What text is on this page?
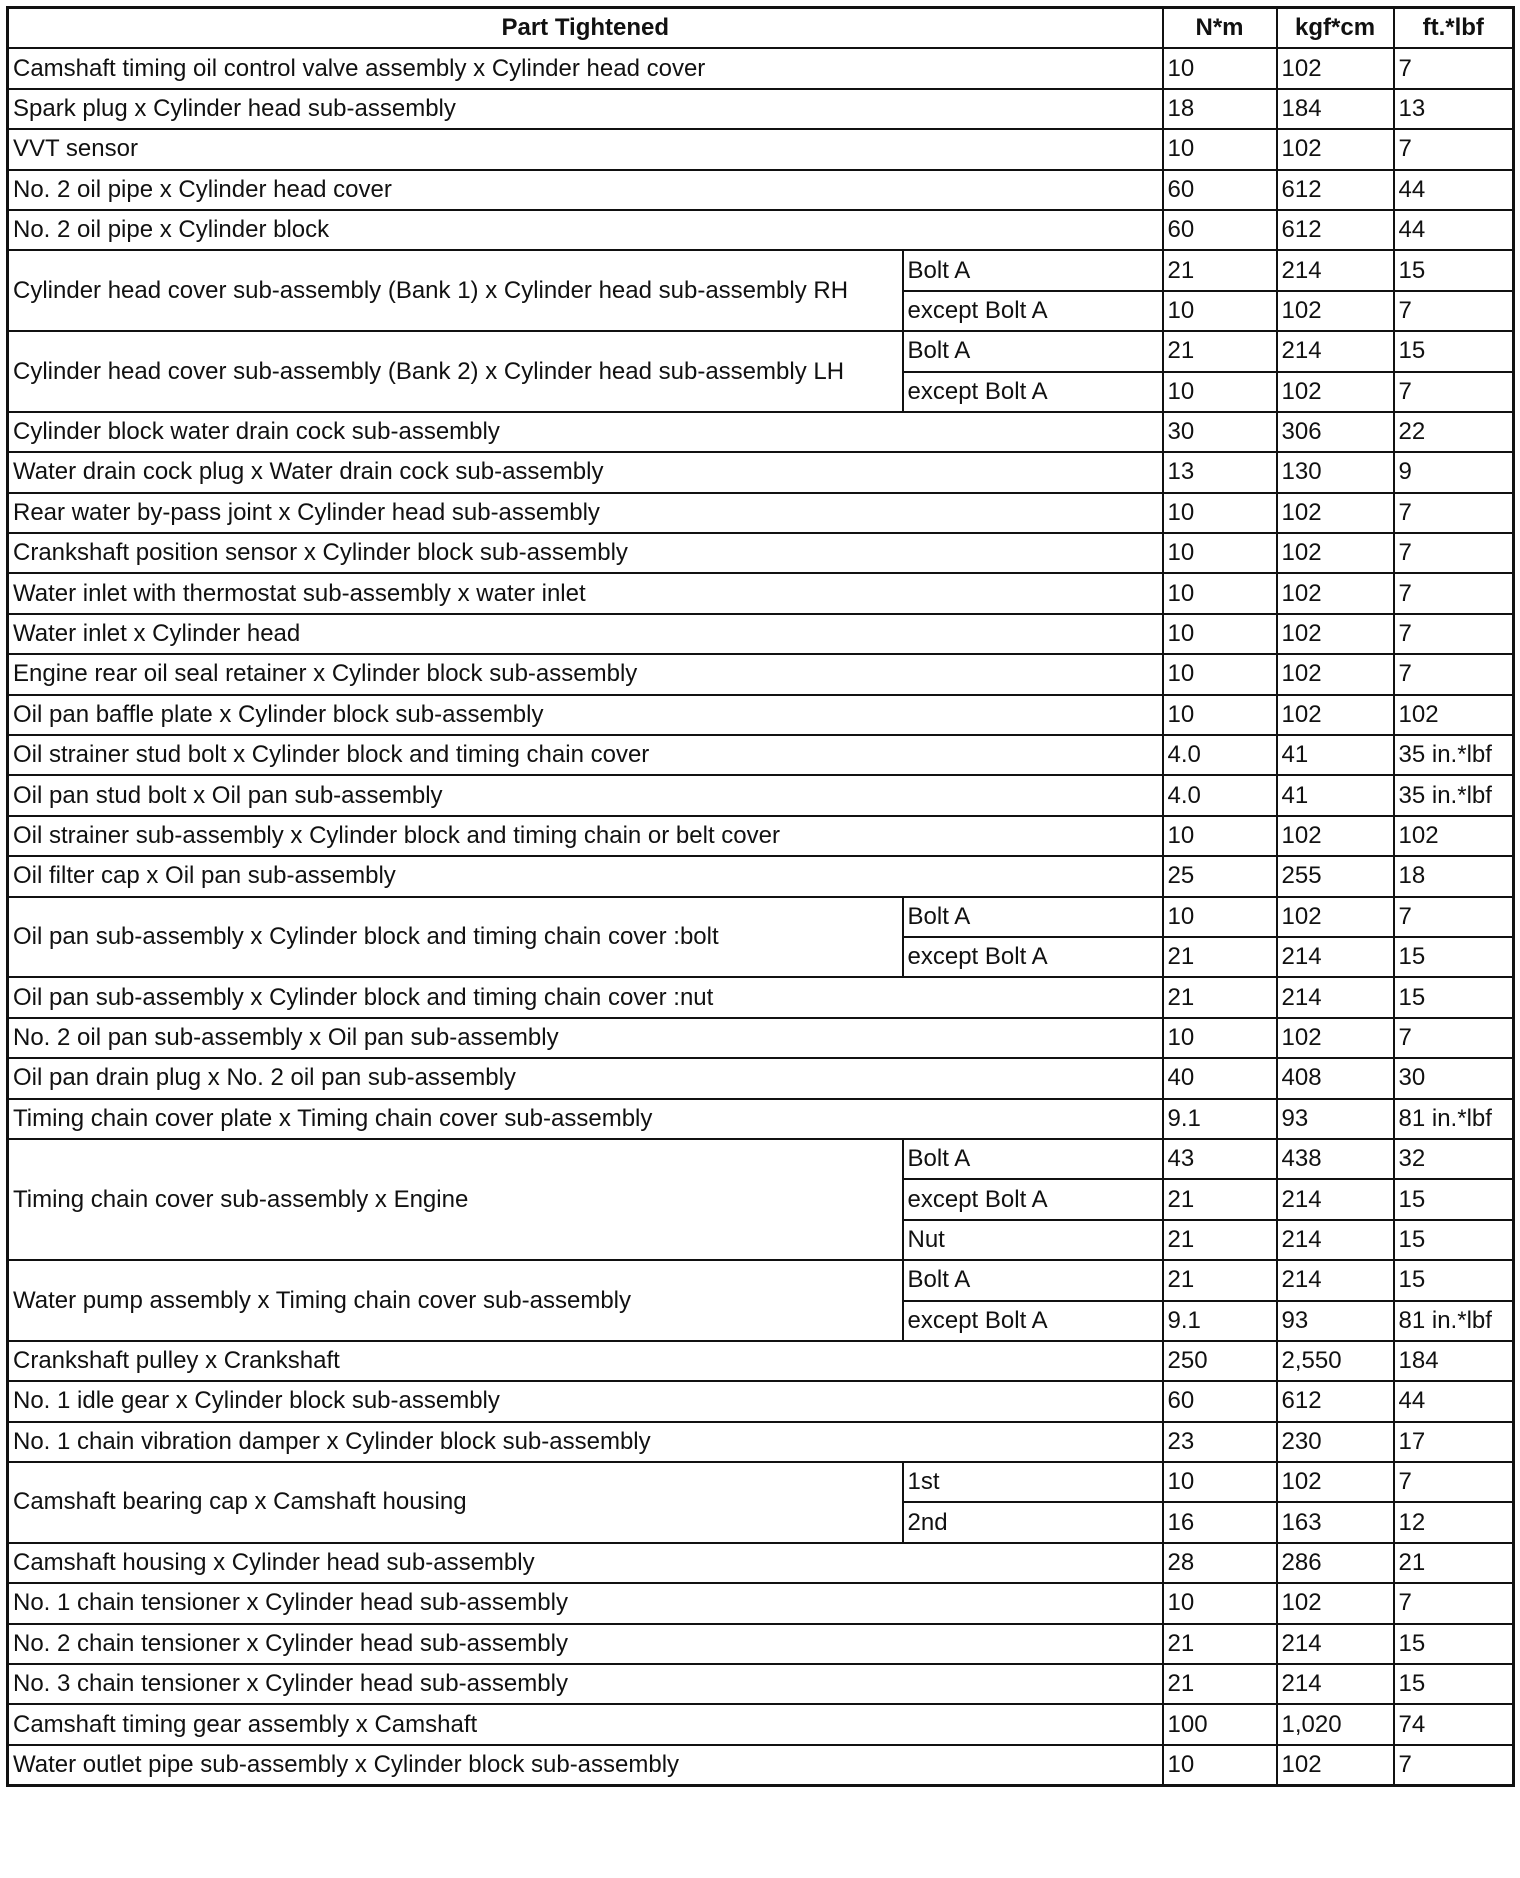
Part Tightened		N*m	kgf*cm	ft.*lbf
Camshaft timing oil control valve assembly x Cylinder head cover		10	102	7
Spark plug x Cylinder head sub-assembly		18	184	13
VVT sensor		10	102	7
No. 2 oil pipe x Cylinder head cover		60	612	44
No. 2 oil pipe x Cylinder block		60	612	44
Cylinder head cover sub-assembly (Bank 1) x Cylinder head sub-assembly RH	Bolt A	21	214	15
	except Bolt A	10	102	7
Cylinder head cover sub-assembly (Bank 2) x Cylinder head sub-assembly LH	Bolt A	21	214	15
	except Bolt A	10	102	7
Cylinder block water drain cock sub-assembly		30	306	22
Water drain cock plug x Water drain cock sub-assembly		13	130	9
Rear water by-pass joint x Cylinder head sub-assembly		10	102	7
Crankshaft position sensor x Cylinder block sub-assembly		10	102	7
Water inlet with thermostat sub-assembly x water inlet		10	102	7
Water inlet x Cylinder head		10	102	7
Engine rear oil seal retainer x Cylinder block sub-assembly		10	102	7
Oil pan baffle plate x Cylinder block sub-assembly		10	102	102
Oil strainer stud bolt x Cylinder block and timing chain cover		4.0	41	35 in.*lbf
Oil pan stud bolt x Oil pan sub-assembly		4.0	41	35 in.*lbf
Oil strainer sub-assembly x Cylinder block and timing chain or belt cover		10	102	102
Oil filter cap x Oil pan sub-assembly		25	255	18
Oil pan sub-assembly x Cylinder block and timing chain cover :bolt	Bolt A	10	102	7
	except Bolt A	21	214	15
Oil pan sub-assembly x Cylinder block and timing chain cover :nut		21	214	15
No. 2 oil pan sub-assembly x Oil pan sub-assembly		10	102	7
Oil pan drain plug x No. 2 oil pan sub-assembly		40	408	30
Timing chain cover plate x Timing chain cover sub-assembly		9.1	93	81 in.*lbf
Timing chain cover sub-assembly x Engine	Bolt A	43	438	32
	except Bolt A	21	214	15
	Nut	21	214	15
Water pump assembly x Timing chain cover sub-assembly	Bolt A	21	214	15
	except Bolt A	9.1	93	81 in.*lbf
Crankshaft pulley x Crankshaft		250	2,550	184
No. 1 idle gear x Cylinder block sub-assembly		60	612	44
No. 1 chain vibration damper x Cylinder block sub-assembly		23	230	17
Camshaft bearing cap x Camshaft housing	1st	10	102	7
	2nd	16	163	12
Camshaft housing x Cylinder head sub-assembly		28	286	21
No. 1 chain tensioner x Cylinder head sub-assembly		10	102	7
No. 2 chain tensioner x Cylinder head sub-assembly		21	214	15
No. 3 chain tensioner x Cylinder head sub-assembly		21	214	15
Camshaft timing gear assembly x Camshaft		100	1,020	74
Water outlet pipe sub-assembly x Cylinder block sub-assembly		10	102	7
